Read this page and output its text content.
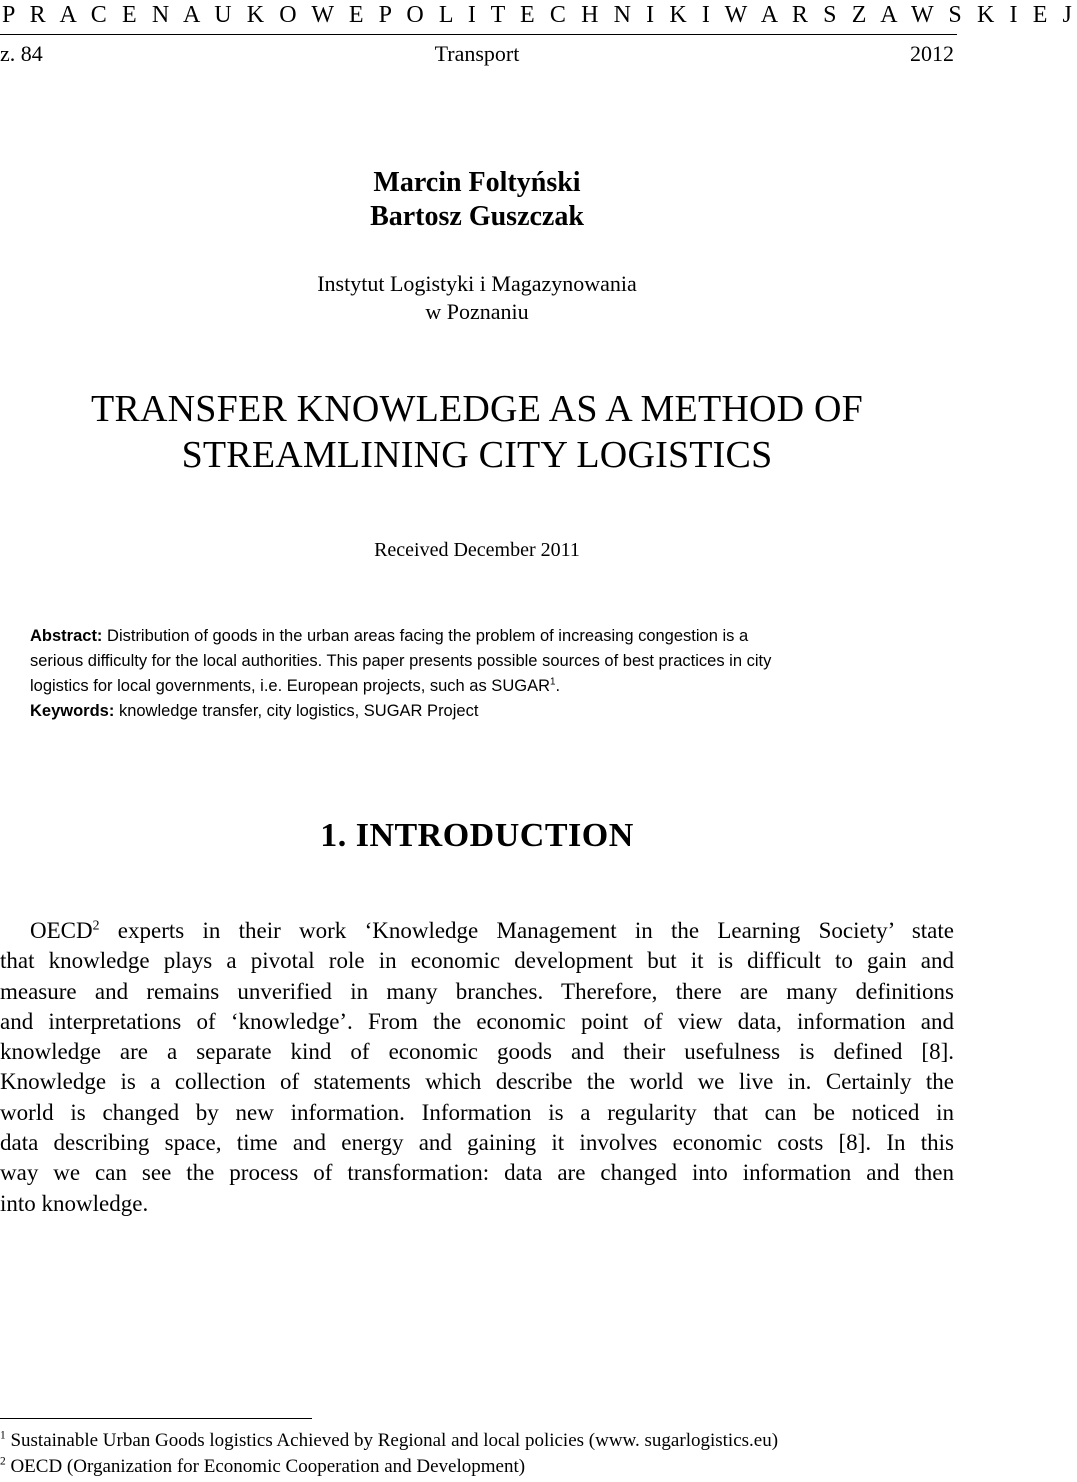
P R A C E N A U K O W E P O L I T E C H N I K I W A R S Z A W S K I E J
z. 84	Transport	2012
Marcin Foltyński
Bartosz Guszczak
Instytut Logistyki i Magazynowania
w Poznaniu
TRANSFER KNOWLEDGE AS A METHOD OF
STREAMLINING CITY LOGISTICS
Received December 2011
Abstract: Distribution of goods in the urban areas facing the problem of increasing congestion is a
serious difficulty for the local authorities. This paper presents possible sources of best practices in city
logistics for local governments, i.e. European projects, such as SUGAR$^1$.
Keywords: knowledge transfer, city logistics, SUGAR Project
1. INTRODUCTION
OECD$^2$ experts in their work ‘Knowledge Management in the Learning Society’ state
that knowledge plays a pivotal role in economic development but it is difficult to gain and
measure and remains unverified in many branches. Therefore, there are many definitions
and interpretations of ‘knowledge’. From the economic point of view data, information and
knowledge are a separate kind of economic goods and their usefulness is defined [8].
Knowledge is a collection of statements which describe the world we live in. Certainly the
world is changed by new information. Information is a regularity that can be noticed in
data describing space, time and energy and gaining it involves economic costs [8]. In this
way we can see the process of transformation: data are changed into information and then
into knowledge.
$^1$ Sustainable Urban Goods logistics Achieved by Regional and local policies (www. sugarlogistics.eu)
$^2$ OECD (Organization for Economic Cooperation and Development)
